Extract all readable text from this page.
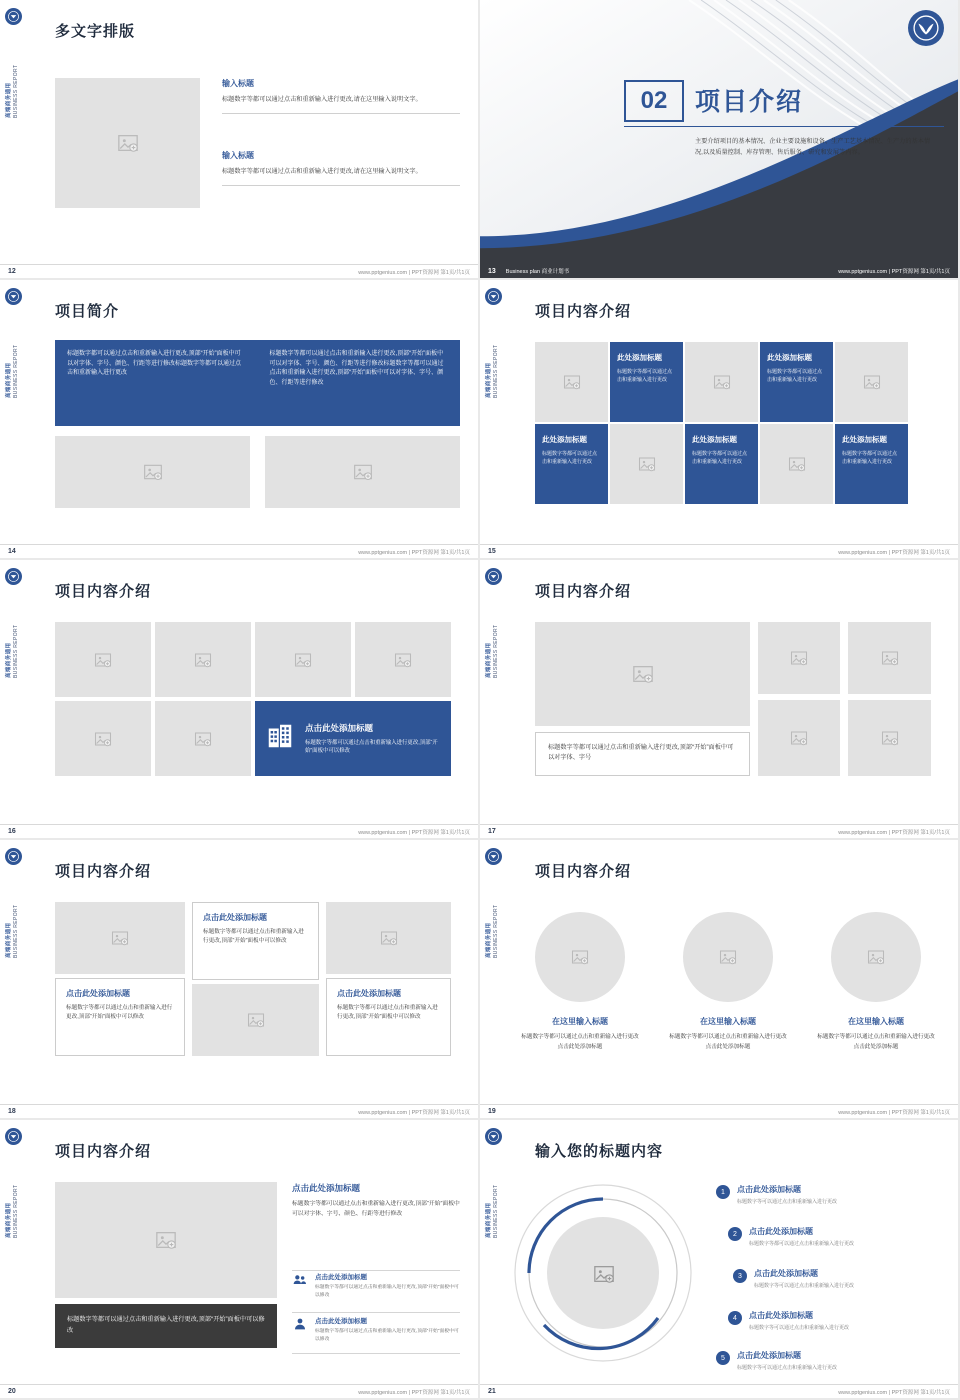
高端商务通用 BUSINESS REPORT
多文字排版
输入标题
标题数字等都可以通过点击和重新输入进行更改,请在这里输入说明文字。
输入标题
标题数字等都可以通过点击和重新输入进行更改,请在这里输入说明文字。
12	www.pptgenius.com | PPT资源网 第1页/共1页
02 项目介绍
主要介绍项目的基本情况、企业主要设施和设备、生产工艺基本情况、生产力的基本情况,以及质量控制、库存管理、售后服务、研究和发展等内容。
13 Business plan 商业计划书	www.pptgenius.com | PPT资源网 第1页/共1页
高端商务通用 BUSINESS REPORT
项目简介
标题数字都可以通过点击和重新输入进行更改,顶部“开始”面板中可以对字体、字号、颜色、行距等进行修改标题数字等都可以通过点击和重新输入进行更改
标题数字等都可以通过点击和重新输入进行更改,顶部“开始”面板中可以对字体、字号、颜色、行距等进行修改标题数字等都可以通过点击和重新输入进行更改,顶部“开始”面板中可以对字体、字号、颜色、行距等进行修改
14	www.pptgenius.com | PPT资源网 第1页/共1页
高端商务通用 BUSINESS REPORT
项目内容介绍
此处添加标题
标题数字等都可以通过点击和重新输入进行更改
此处添加标题
标题数字等都可以通过点击和重新输入进行更改
此处添加标题
标题数字等都可以通过点击和重新输入进行更改
此处添加标题
标题数字等都可以通过点击和重新输入进行更改
此处添加标题
标题数字等都可以通过点击和重新输入进行更改
15	www.pptgenius.com | PPT资源网 第1页/共1页
高端商务通用 BUSINESS REPORT
项目内容介绍
点击此处添加标题
标题数字等都可以通过点击和重新输入进行更改,顶部“开始”面板中可以修改
16	www.pptgenius.com | PPT资源网 第1页/共1页
高端商务通用 BUSINESS REPORT
项目内容介绍
标题数字等都可以通过点击和重新输入进行更改,顶部“开始”面板中可以对字体、字号
17	www.pptgenius.com | PPT资源网 第1页/共1页
高端商务通用 BUSINESS REPORT
项目内容介绍
点击此处添加标题
标题数字等都可以通过点击和重新输入进行更改,顶部“开始”面板中可以修改
点击此处添加标题
标题数字等都可以通过点击和重新输入进行更改,顶部“开始”面板中可以修改
点击此处添加标题
标题数字等都可以通过点击和重新输入进行更改,顶部“开始”面板中可以修改
18	www.pptgenius.com | PPT资源网 第1页/共1页
高端商务通用 BUSINESS REPORT
项目内容介绍
在这里输入标题
标题数字等都可以通过点击和重新输入进行更改点击此处添加标题
在这里输入标题
标题数字等都可以通过点击和重新输入进行更改点击此处添加标题
在这里输入标题
标题数字等都可以通过点击和重新输入进行更改点击此处添加标题
19	www.pptgenius.com | PPT资源网 第1页/共1页
高端商务通用 BUSINESS REPORT
项目内容介绍
标题数字等都可以通过点击和重新输入进行更改,顶部“开始”面板中可以修改
点击此处添加标题
标题数字等都可以通过点击和重新输入进行更改,顶部“开始”面板中可以对字体、字号、颜色、行距等进行修改
点击此处添加标题
标题数字等都可以通过点击和重新输入进行更改,顶部“开始”面板中可以修改
点击此处添加标题
标题数字等都可以通过点击和重新输入进行更改,顶部“开始”面板中可以修改
20	www.pptgenius.com | PPT资源网 第1页/共1页
高端商务通用 BUSINESS REPORT
输入您的标题内容
1 点击此处添加标题
标题数字等可以通过点击和重新输入进行更改
2 点击此处添加标题
标题数字等都可以通过点击和重新输入进行更改
3 点击此处添加标题
标题数字等可以通过点击和重新输入进行更改
4 点击此处添加标题
标题数字等可以通过点击和重新输入进行更改
5 点击此处添加标题
标题数字等可以通过点击和重新输入进行更改
21	www.pptgenius.com | PPT资源网 第1页/共1页
